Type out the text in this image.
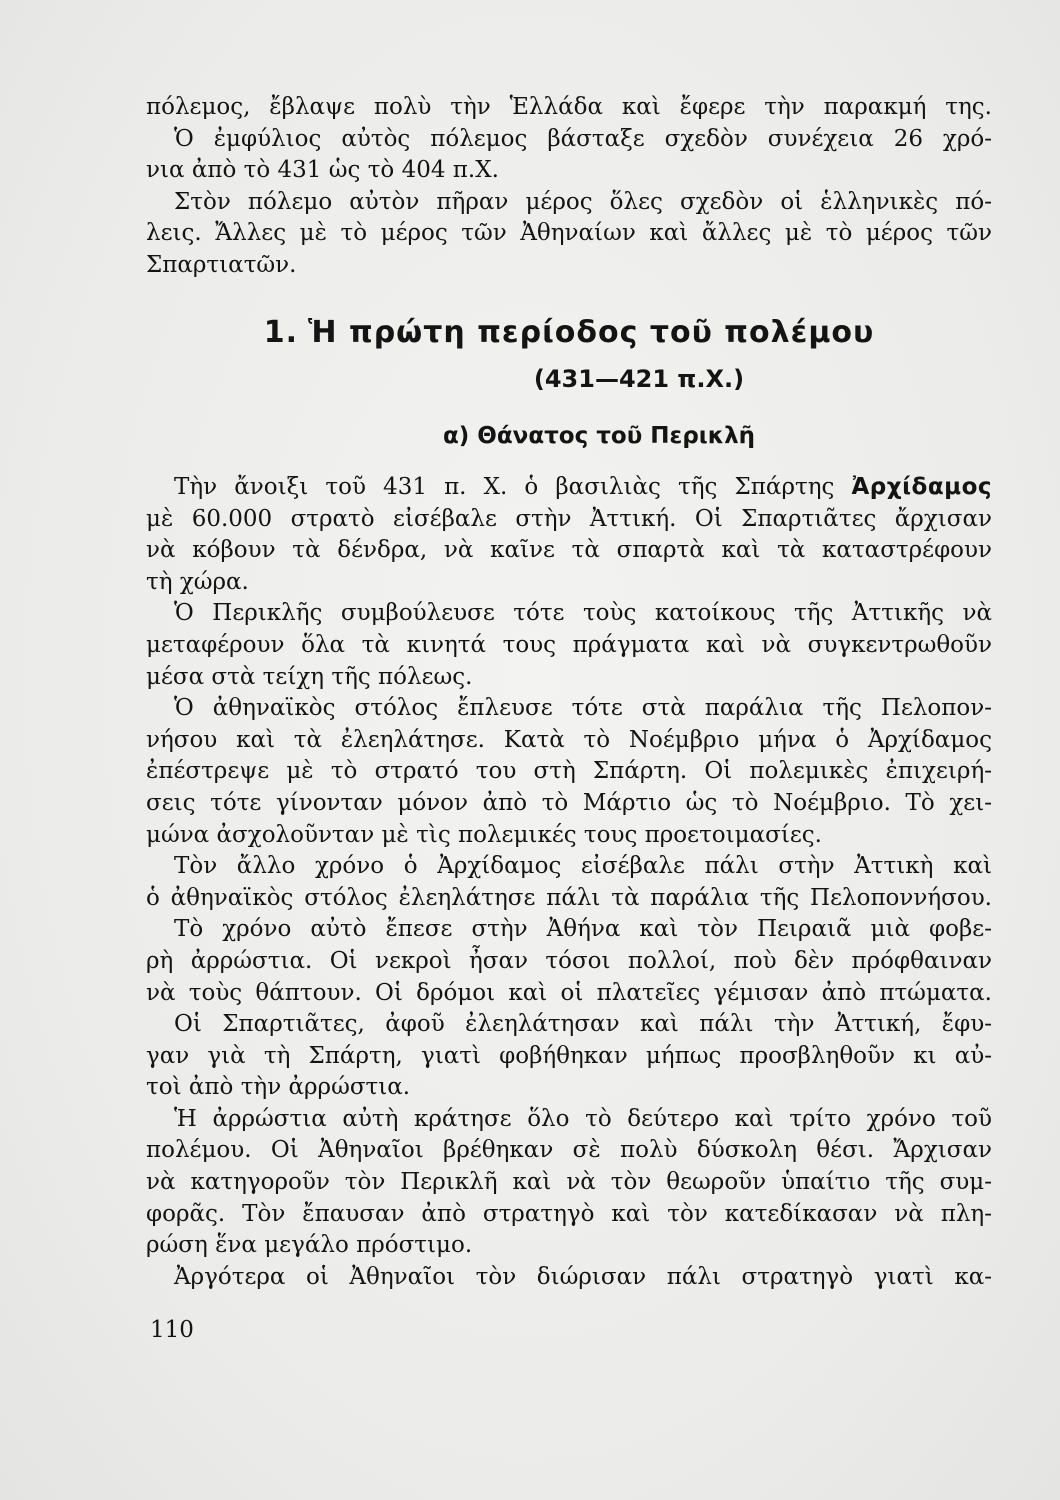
πόλεμος, ἔβλαψε πολὺ τὴν Ἑλλάδα καὶ ἔφερε τὴν παρακμή της.
Ὁ ἐμφύλιος αὐτὸς πόλεμος βάσταξε σχεδὸν συνέχεια 26 χρό-
νια ἀπὸ τὸ 431 ὡς τὸ 404 π.Χ.
Στὸν πόλεμο αὐτὸν πῆραν μέρος ὅλες σχεδὸν οἱ ἑλληνικὲς πό-
λεις. Ἄλλες μὲ τὸ μέρος τῶν Ἀθηναίων καὶ ἄλλες μὲ τὸ μέρος τῶν
Σπαρτιατῶν.
1. Ἡ πρώτη περίοδος τοῦ πολέμου
(431—421 π.Χ.)
α) Θάνατος τοῦ Περικλῆ
Τὴν ἄνοιξι τοῦ 431 π. Χ. ὁ βασιλιὰς τῆς Σπάρτης Ἀρχίδαμος
μὲ 60.000 στρατὸ εἰσέβαλε στὴν Ἀττική. Οἱ Σπαρτιᾶτες ἄρχισαν
νὰ κόβουν τὰ δένδρα, νὰ καῖνε τὰ σπαρτὰ καὶ τὰ καταστρέφουν
τὴ χώρα.
Ὁ Περικλῆς συμβούλευσε τότε τοὺς κατοίκους τῆς Ἀττικῆς νὰ
μεταφέρουν ὅλα τὰ κινητά τους πράγματα καὶ νὰ συγκεντρωθοῦν
μέσα στὰ τείχη τῆς πόλεως.
Ὁ ἀθηναϊκὸς στόλος ἔπλευσε τότε στὰ παράλια τῆς Πελοπον-
νήσου καὶ τὰ ἐλεηλάτησε. Κατὰ τὸ Νοέμβριο μήνα ὁ Ἀρχίδαμος
ἐπέστρεψε μὲ τὸ στρατό του στὴ Σπάρτη. Οἱ πολεμικὲς ἐπιχειρή-
σεις τότε γίνονταν μόνον ἀπὸ τὸ Μάρτιο ὡς τὸ Νοέμβριο. Τὸ χει-
μώνα ἀσχολοῦνταν μὲ τὶς πολεμικές τους προετοιμασίες.
Τὸν ἄλλο χρόνο ὁ Ἀρχίδαμος εἰσέβαλε πάλι στὴν Ἀττικὴ καὶ
ὁ ἀθηναϊκὸς στόλος ἐλεηλάτησε πάλι τὰ παράλια τῆς Πελοποννήσου.
Τὸ χρόνο αὐτὸ ἔπεσε στὴν Ἀθήνα καὶ τὸν Πειραιᾶ μιὰ φοβε-
ρὴ ἀρρώστια. Οἱ νεκροὶ ἦσαν τόσοι πολλοί, ποὺ δὲν πρόφθαιναν
νὰ τοὺς θάπτουν. Οἱ δρόμοι καὶ οἱ πλατεῖες γέμισαν ἀπὸ πτώματα.
Οἱ Σπαρτιᾶτες, ἀφοῦ ἐλεηλάτησαν καὶ πάλι τὴν Ἀττική, ἔφυ-
γαν γιὰ τὴ Σπάρτη, γιατὶ φοβήθηκαν μήπως προσβληθοῦν κι αὐ-
τοὶ ἀπὸ τὴν ἀρρώστια.
Ἡ ἀρρώστια αὐτὴ κράτησε ὅλο τὸ δεύτερο καὶ τρίτο χρόνο τοῦ
πολέμου. Οἱ Ἀθηναῖοι βρέθηκαν σὲ πολὺ δύσκολη θέσι. Ἄρχισαν
νὰ κατηγοροῦν τὸν Περικλῆ καὶ νὰ τὸν θεωροῦν ὑπαίτιο τῆς συμ-
φορᾶς. Τὸν ἔπαυσαν ἀπὸ στρατηγὸ καὶ τὸν κατεδίκασαν νὰ πλη-
ρώση ἕνα μεγάλο πρόστιμο.
Ἀργότερα οἱ Ἀθηναῖοι τὸν διώρισαν πάλι στρατηγὸ γιατὶ κα-
110
